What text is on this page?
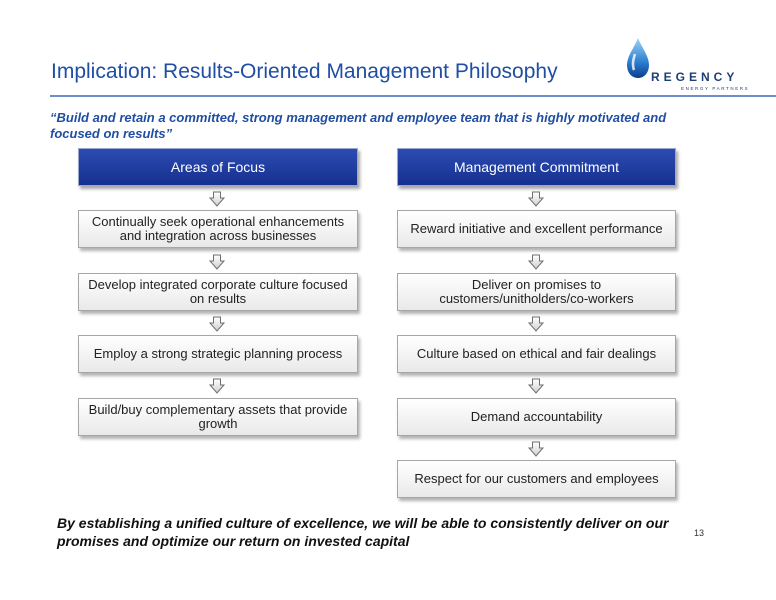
Implication: Results-Oriented Management Philosophy	REGENCY
ENERGY PARTNERS
“Build and retain a committed, strong management and employee team that is highly motivated and focused on results”
Areas of Focus
Continually seek operational enhancements and integration across businesses
Develop integrated corporate culture focused on results
Employ a strong strategic planning process
Build/buy complementary assets that provide growth
Management Commitment
Reward initiative and excellent performance
Deliver on promises to customers/unitholders/co-workers
Culture based on ethical and fair dealings
Demand accountability
Respect for our customers and employees
By establishing a unified culture of excellence, we will be able to consistently deliver on our promises and optimize our return on invested capital	13
